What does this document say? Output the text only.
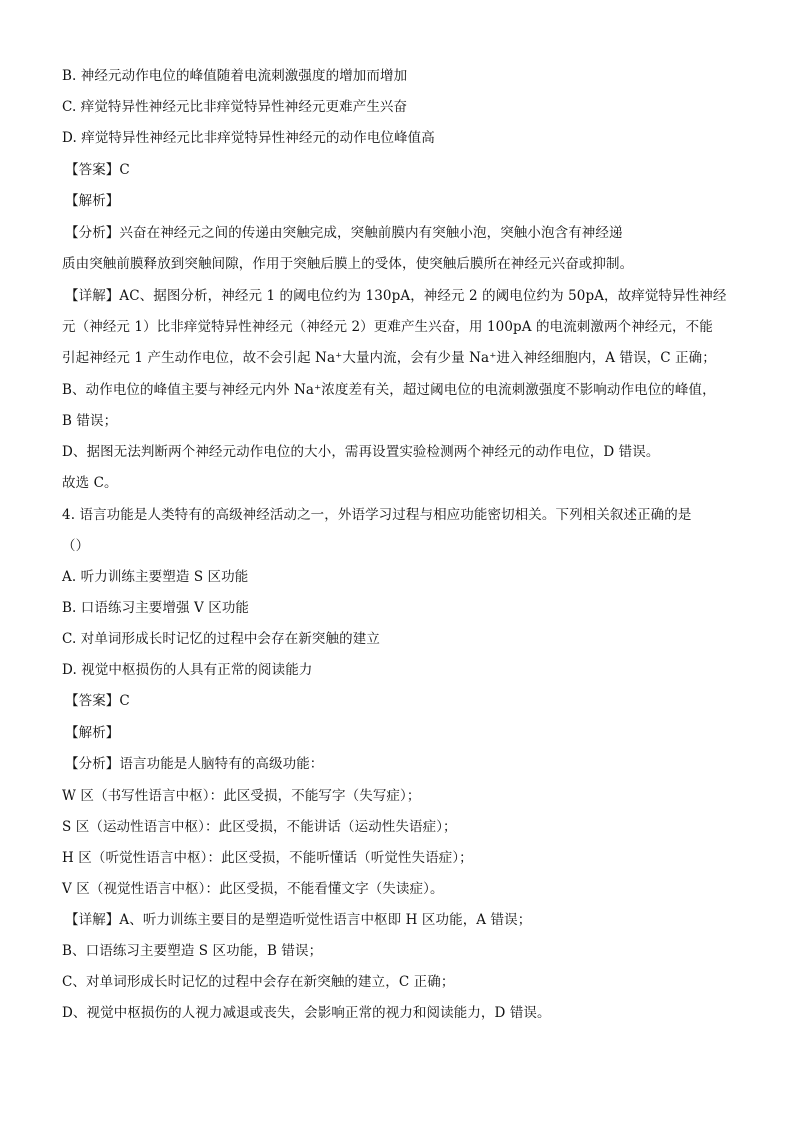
B. 神经元动作电位的峰值随着电流刺激强度的增加而增加
C. 痒觉特异性神经元比非痒觉特异性神经元更难产生兴奋
D. 痒觉特异性神经元比非痒觉特异性神经元的动作电位峰值高
【答案】C
【解析】
【分析】兴奋在神经元之间的传递由突触完成，突触前膜内有突触小泡，突触小泡含有神经递
质由突触前膜释放到突触间隙，作用于突触后膜上的受体，使突触后膜所在神经元兴奋或抑制。
【详解】AC、据图分析，神经元 1 的阈电位约为 130pA，神经元 2 的阈电位约为 50pA，故痒觉特异性神经
元（神经元 1）比非痒觉特异性神经元（神经元 2）更难产生兴奋，用 100pA 的电流刺激两个神经元，不能
引起神经元 1 产生动作电位，故不会引起 Na⁺大量内流，会有少量 Na⁺进入神经细胞内，A 错误，C 正确；
B、动作电位的峰值主要与神经元内外 Na⁺浓度差有关，超过阈电位的电流刺激强度不影响动作电位的峰值，
B 错误；
D、据图无法判断两个神经元动作电位的大小，需再设置实验检测两个神经元的动作电位，D 错误。
故选 C。
4. 语言功能是人类特有的高级神经活动之一，外语学习过程与相应功能密切相关。下列相关叙述正确的是
（）
A. 听力训练主要塑造 S 区功能
B. 口语练习主要增强 V 区功能
C. 对单词形成长时记忆的过程中会存在新突触的建立
D. 视觉中枢损伤的人具有正常的阅读能力
【答案】C
【解析】
【分析】语言功能是人脑特有的高级功能：
W 区（书写性语言中枢）：此区受损，不能写字（失写症）；
S 区（运动性语言中枢）：此区受损，不能讲话（运动性失语症）；
H 区（听觉性语言中枢）：此区受损，不能听懂话（听觉性失语症）；
V 区（视觉性语言中枢）：此区受损，不能看懂文字（失读症）。
【详解】A、听力训练主要目的是塑造听觉性语言中枢即 H 区功能，A 错误；
B、口语练习主要塑造 S 区功能，B 错误；
C、对单词形成长时记忆的过程中会存在新突触的建立，C 正确；
D、视觉中枢损伤的人视力减退或丧失，会影响正常的视力和阅读能力，D 错误。
